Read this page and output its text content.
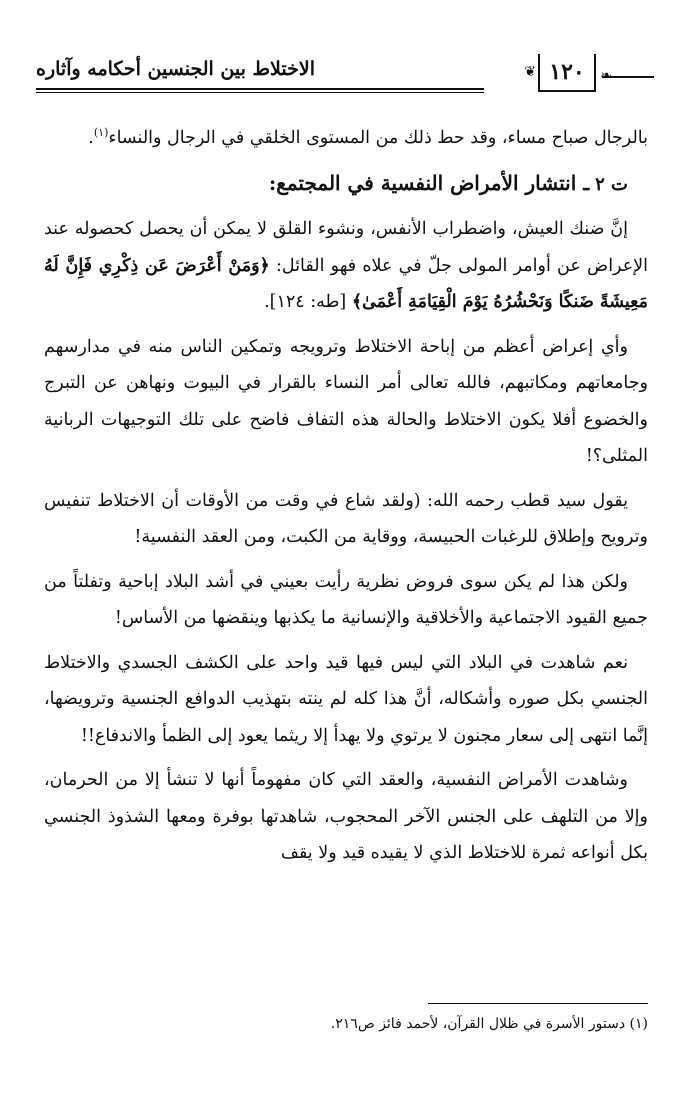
الاختلاط بين الجنسين أحكامه وآثاره	❦ ١٢٠	❧

بالرجال صباح مساء، وقد حط ذلك من المستوى الخلقي في الرجال والنساء$^{(١)}$.

ت ٢ـ انتشار الأمراض النفسية في المجتمع:

إنَّ ضنك العيش، واضطراب الأنفس، ونشوء القلق لا يمكن أن يحصل كحصوله عند الإعراض عن أوامر المولى جلّ في علاه فهو القائل: ﴿وَمَنْ أَعْرَضَ عَن ذِكْرِي فَإِنَّ لَهُ مَعِيشَةً ضَنكًا وَنَحْشُرُهُ يَوْمَ الْقِيَامَةِ أَعْمَىٰ﴾ [طه: ١٢٤].

وأي إعراض أعظم من إباحة الاختلاط وترويجه وتمكين الناس منه في مدارسهم وجامعاتهم ومكاتبهم، فالله تعالى أمر النساء بالقرار في البيوت ونهاهن عن التبرج والخضوع أفلا يكون الاختلاط والحالة هذه التفاف فاضح على تلك التوجيهات الربانية المثلى؟!

يقول سيد قطب رحمه الله: (ولقد شاع في وقت من الأوقات أن الاختلاط تنفيس وترويح وإطلاق للرغبات الحبيسة، ووقاية من الكبت، ومن العقد النفسية!

ولكن هذا لم يكن سوى فروض نظرية رأيت بعيني في أشد البلاد إباحية وتفلتاً من جميع القيود الاجتماعية والأخلاقية والإنسانية ما يكذبها وينقضها من الأساس!

نعم شاهدت في البلاد التي ليس فيها قيد واحد على الكشف الجسدي والاختلاط الجنسي بكل صوره وأشكاله، أنَّ هذا كله لم ينته بتهذيب الدوافع الجنسية وترويضها، إنَّما انتهى إلى سعار مجنون لا يرتوي ولا يهدأ إلا ريثما يعود إلى الظمأ والاندفاع!!

وشاهدت الأمراض النفسية، والعقد التي كان مفهوماً أنها لا تنشأ إلا من الحرمان، وإلا من التلهف على الجنس الآخر المحجوب، شاهدتها بوفرة ومعها الشذوذ الجنسي بكل أنواعه ثمرة للاختلاط الذي لا يقيده قيد ولا يقف

(١) دستور الأسرة في ظلال القرآن، لأحمد فائز ص٢١٦.
